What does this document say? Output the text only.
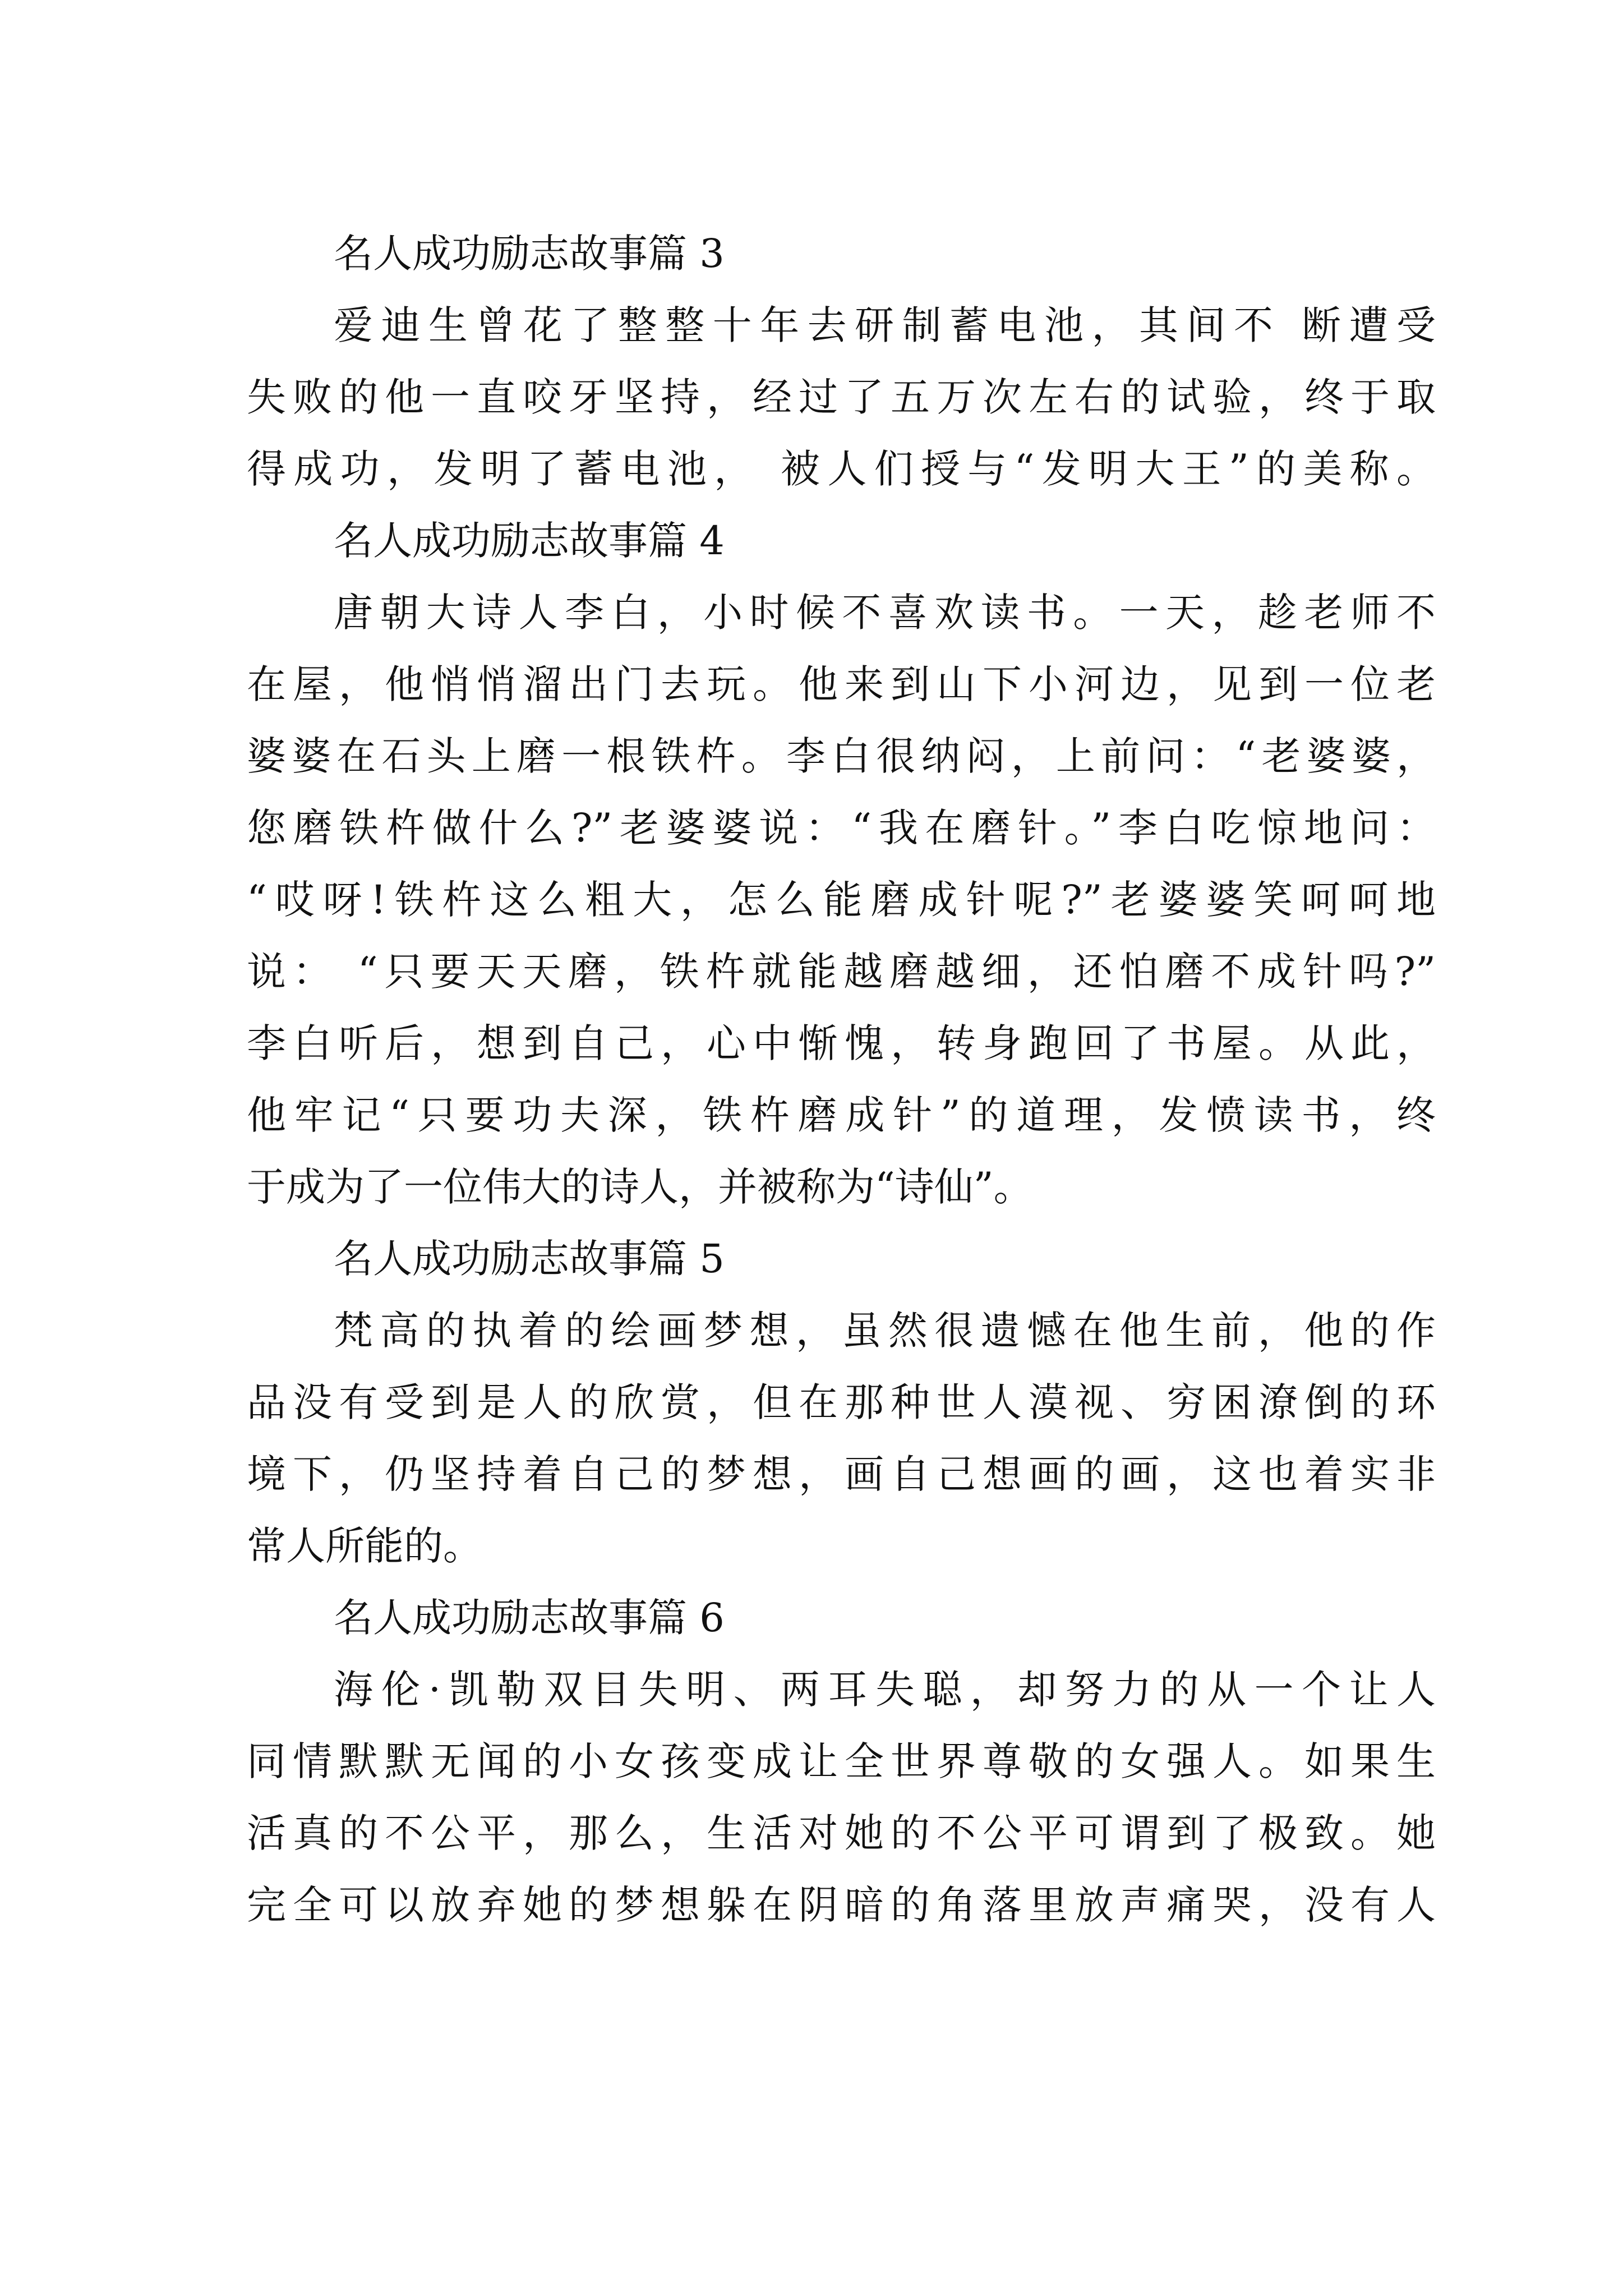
名人成功励志故事篇 3
爱迪生曾花了整整十年去研制蓄电池，其间不 断遭受
失败的他一直咬牙坚持，经过了五万次左右的试验，终于取
得成功，发明了蓄电池， 被人们授与“发明大王”的美称。
名人成功励志故事篇 4
唐朝大诗人李白，小时候不喜欢读书。一天，趁老师不
在屋，他悄悄溜出门去玩。他来到山下小河边，见到一位老
婆婆在石头上磨一根铁杵。李白很纳闷，上前问：“老婆婆，
您磨铁杵做什么?”老婆婆说：“我在磨针。”李白吃惊地问：
“哎呀!铁杵这么粗大，怎么能磨成针呢?”老婆婆笑呵呵地
说： “只要天天磨，铁杵就能越磨越细，还怕磨不成针吗?”
李白听后，想到自己，心中惭愧，转身跑回了书屋。从此，
他牢记“只要功夫深，铁杵磨成针”的道理，发愤读书，终
于成为了一位伟大的诗人，并被称为“诗仙”。
名人成功励志故事篇 5
梵高的执着的绘画梦想，虽然很遗憾在他生前，他的作
品没有受到是人的欣赏，但在那种世人漠视、穷困潦倒的环
境下，仍坚持着自己的梦想，画自己想画的画，这也着实非
常人所能的。
名人成功励志故事篇 6
海伦·凯勒双目失明、两耳失聪，却努力的从一个让人
同情默默无闻的小女孩变成让全世界尊敬的女强人。如果生
活真的不公平，那么，生活对她的不公平可谓到了极致。她
完全可以放弃她的梦想躲在阴暗的角落里放声痛哭，没有人
